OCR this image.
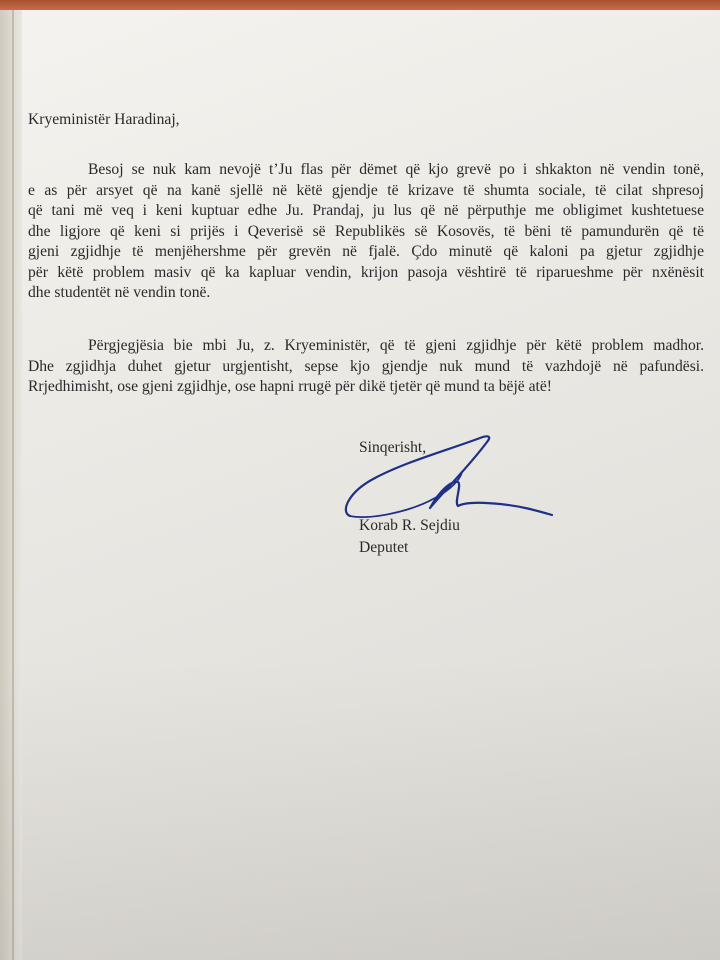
Kryeministër Haradinaj,
Besoj se nuk kam nevojë t’Ju flas për dëmet që kjo grevë po i shkakton në vendin tonë,
e as për arsyet që na kanë sjellë në këtë gjendje të krizave të shumta sociale, të cilat shpresoj
që tani më veq i keni kuptuar edhe Ju. Prandaj, ju lus që në përputhje me obligimet kushtetuese
dhe ligjore që keni si prijës i Qeverisë së Republikës së Kosovës, të bëni të pamundurën që të
gjeni zgjidhje të menjëhershme për grevën në fjalë. Çdo minutë që kaloni pa gjetur zgjidhje
për këtë problem masiv që ka kapluar vendin, krijon pasoja vështirë të riparueshme për nxënësit
dhe studentët në vendin tonë.
Përgjegjësia bie mbi Ju, z. Kryeministër, që të gjeni zgjidhje për këtë problem madhor.
Dhe zgjidhja duhet gjetur urgjentisht, sepse kjo gjendje nuk mund të vazhdojë në pafundësi.
Rrjedhimisht, ose gjeni zgjidhje, ose hapni rrugë për dikë tjetër që mund ta bëjë atë!
Sinqerisht,
Korab R. Sejdiu
Deputet
